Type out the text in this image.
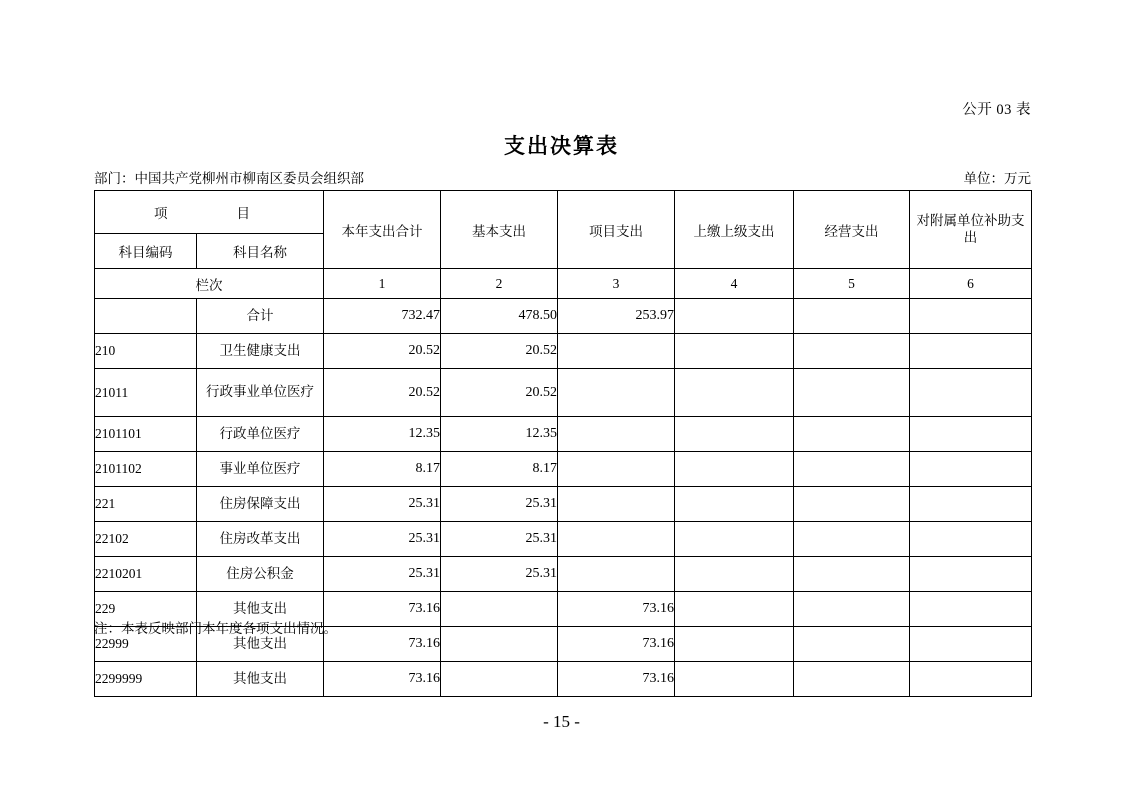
公开 03 表
支出决算表
部门：中国共产党柳州市柳南区委员会组织部	单位：万元
项　　目		本年支出合计	基本支出	项目支出	上缴上级支出	经营支出	对附属单位补助支出
科目编码	科目名称						
栏次		1	2	3	4	5	6
	合计	732.47	478.50	253.97			
210	卫生健康支出	20.52	20.52				
21011	行政事业单位医疗	20.52	20.52				
2101101	行政单位医疗	12.35	12.35				
2101102	事业单位医疗	8.17	8.17				
221	住房保障支出	25.31	25.31				
22102	住房改革支出	25.31	25.31				
2210201	住房公积金	25.31	25.31				
229	其他支出	73.16		73.16			
22999	其他支出	73.16		73.16			
2299999	其他支出	73.16		73.16			
注：本表反映部门本年度各项支出情况。
- 15 -
